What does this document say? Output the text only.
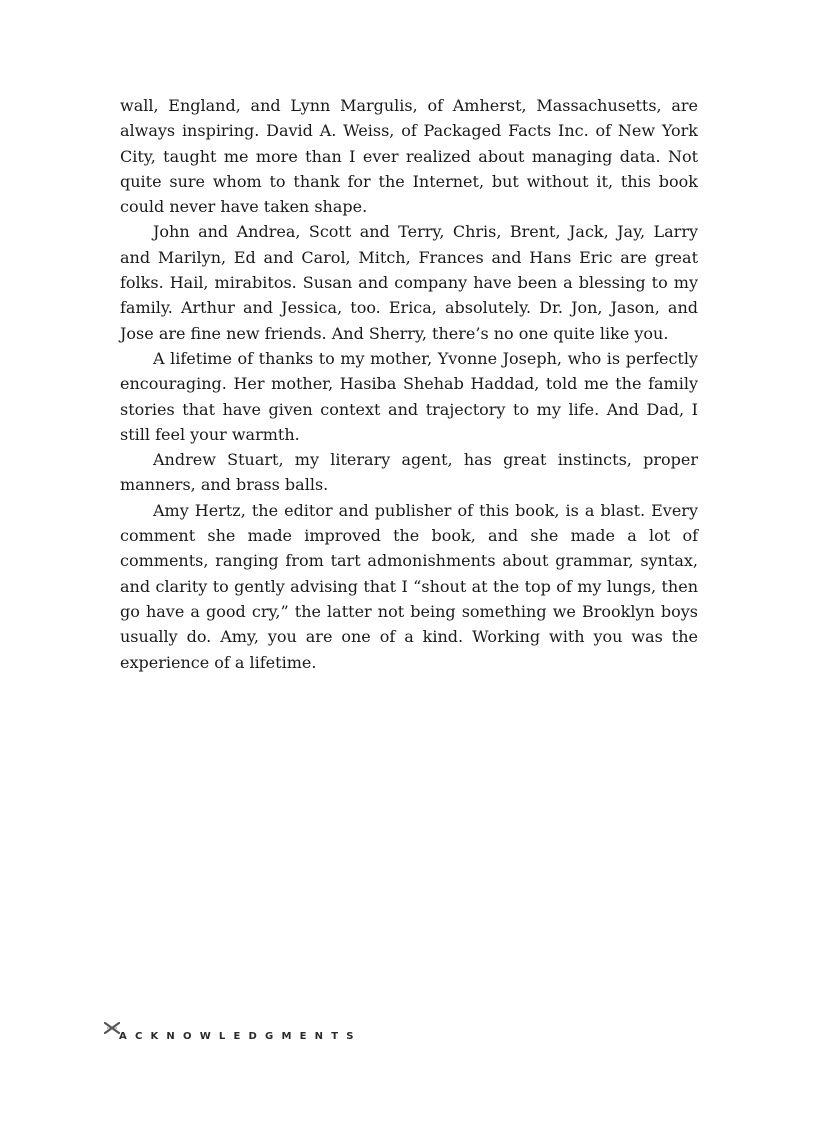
wall, England, and Lynn Margulis, of Amherst, Massachusetts, are always inspiring. David A. Weiss, of Packaged Facts Inc. of New York City, taught me more than I ever realized about managing data. Not quite sure whom to thank for the Internet, but without it, this book could never have taken shape.

John and Andrea, Scott and Terry, Chris, Brent, Jack, Jay, Larry and Marilyn, Ed and Carol, Mitch, Frances and Hans Eric are great folks. Hail, mirabitos. Susan and company have been a blessing to my family. Arthur and Jessica, too. Erica, absolutely. Dr. Jon, Jason, and Jose are fine new friends. And Sherry, there’s no one quite like you.

A lifetime of thanks to my mother, Yvonne Joseph, who is perfectly encouraging. Her mother, Hasiba Shehab Haddad, told me the family stories that have given context and trajectory to my life. And Dad, I still feel your warmth.

Andrew Stuart, my literary agent, has great instincts, proper manners, and brass balls.

Amy Hertz, the editor and publisher of this book, is a blast. Every comment she made improved the book, and she made a lot of comments, ranging from tart admonishments about grammar, syntax, and clarity to gently advising that I “shout at the top of my lungs, then go have a good cry,” the latter not being something we Brooklyn boys usually do. Amy, you are one of a kind. Working with you was the experience of a lifetime.

ACKNOWLEDGMENTS
